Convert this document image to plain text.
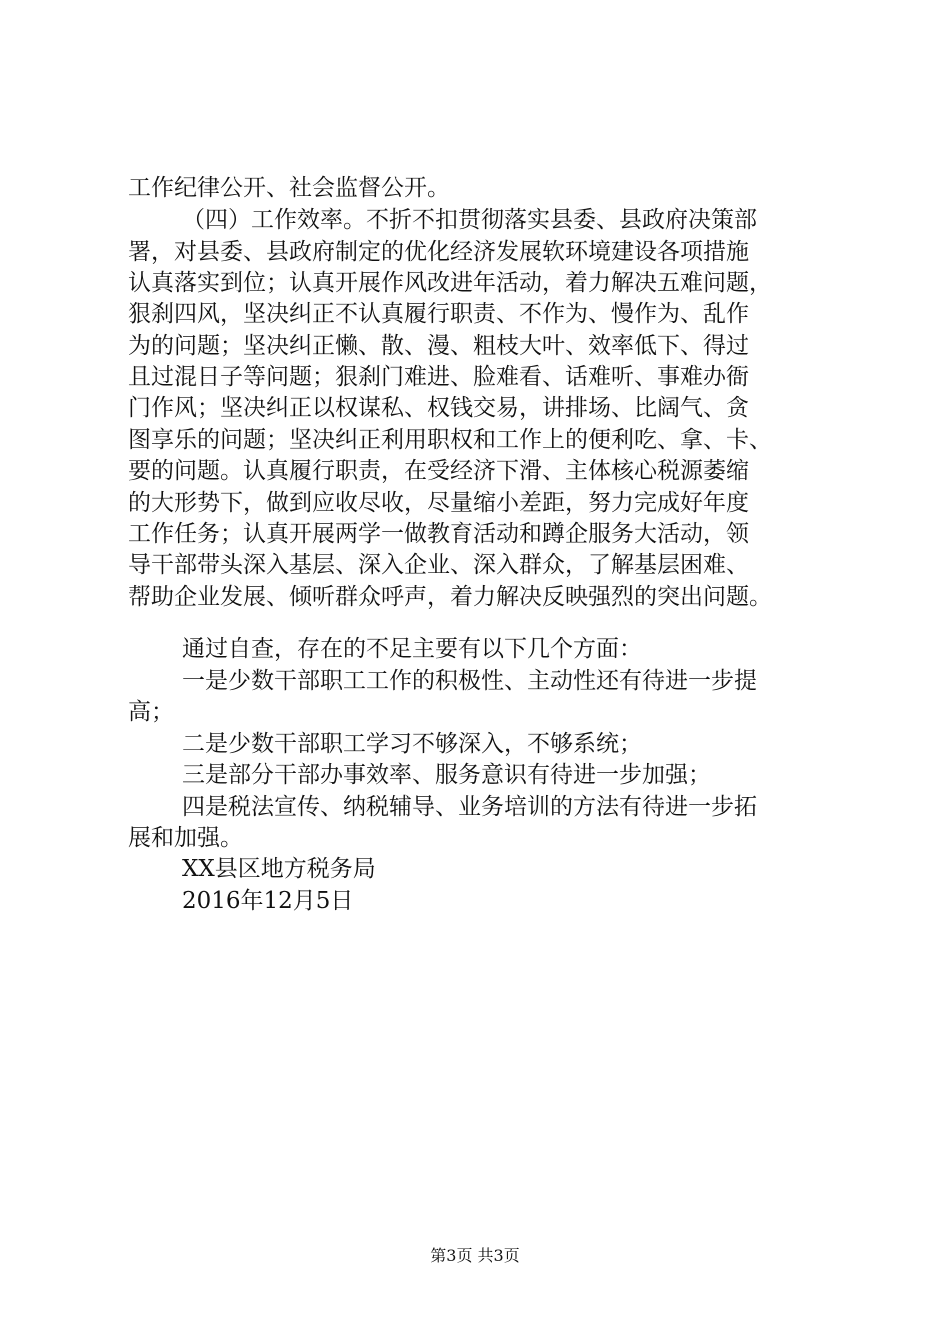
工作纪律公开、社会监督公开。
（四）工作效率。不折不扣贯彻落实县委、县政府决策部
署，对县委、县政府制定的优化经济发展软环境建设各项措施
认真落实到位；认真开展作风改进年活动，着力解决五难问题，
狠刹四风，坚决纠正不认真履行职责、不作为、慢作为、乱作
为的问题；坚决纠正懒、散、漫、粗枝大叶、效率低下、得过
且过混日子等问题；狠刹门难进、脸难看、话难听、事难办衙
门作风；坚决纠正以权谋私、权钱交易，讲排场、比阔气、贪
图享乐的问题；坚决纠正利用职权和工作上的便利吃、拿、卡、
要的问题。认真履行职责，在受经济下滑、主体核心税源萎缩
的大形势下，做到应收尽收，尽量缩小差距，努力完成好年度
工作任务；认真开展两学一做教育活动和蹲企服务大活动，领
导干部带头深入基层、深入企业、深入群众，了解基层困难、
帮助企业发展、倾听群众呼声，着力解决反映强烈的突出问题。
通过自查，存在的不足主要有以下几个方面：
一是少数干部职工工作的积极性、主动性还有待进一步提
高；
二是少数干部职工学习不够深入，不够系统；
三是部分干部办事效率、服务意识有待进一步加强；
四是税法宣传、纳税辅导、业务培训的方法有待进一步拓
展和加强。
XX县区地方税务局
2016年12月5日
第3页 共3页
